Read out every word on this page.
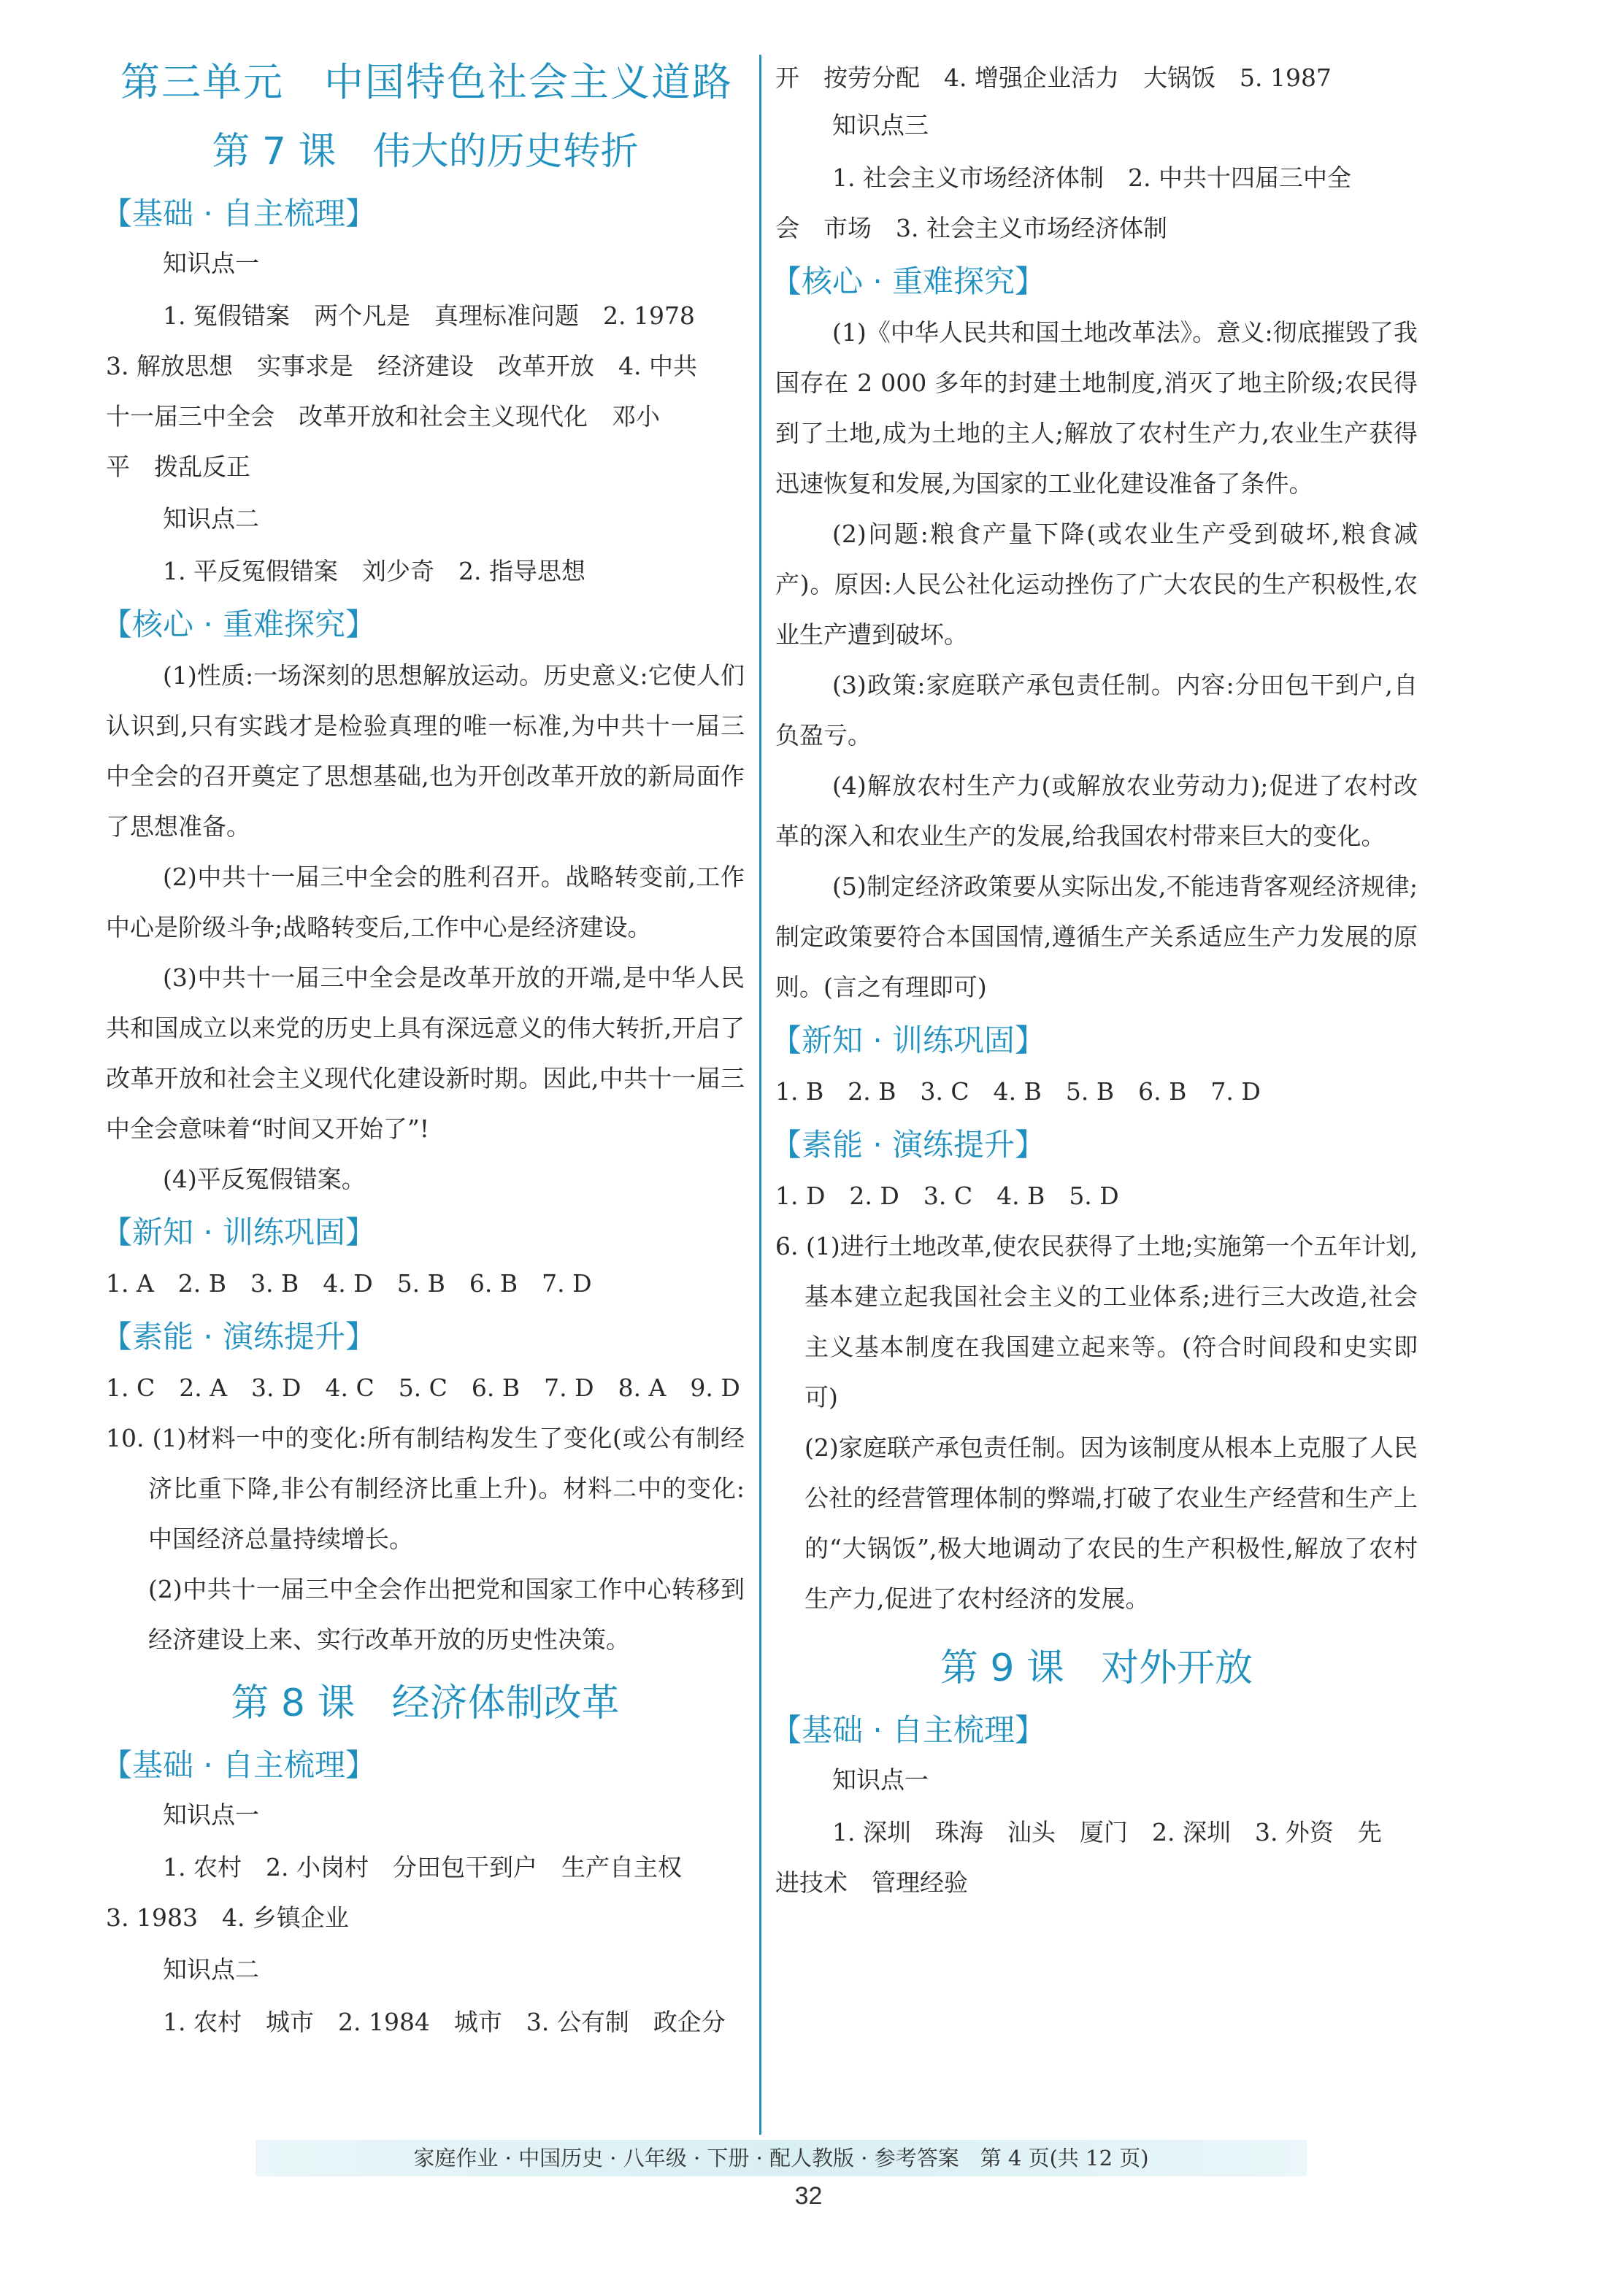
第三单元 中国特色社会主义道路
第 7 课 伟大的历史转折
【基础 · 自主梳理】
知识点一

1. 冤假错案　两个凡是　真理标准问题　2. 1978

3. 解放思想　实事求是　经济建设　改革开放　4. 中共

十一届三中全会　改革开放和社会主义现代化　邓小

平　拨乱反正

知识点二

1. 平反冤假错案　刘少奇　2. 指导思想

【核心 · 重难探究】

(1)性质:一场深刻的思想解放运动。历史意义:它使人们认识到,只有实践才是检验真理的唯一标准,为中共十一届三中全会的召开奠定了思想基础,也为开创改革开放的新局面作了思想准备。

(2)中共十一届三中全会的胜利召开。战略转变前,工作中心是阶级斗争;战略转变后,工作中心是经济建设。

(3)中共十一届三中全会是改革开放的开端,是中华人民共和国成立以来党的历史上具有深远意义的伟大转折,开启了改革开放和社会主义现代化建设新时期。因此,中共十一届三中全会意味着“时间又开始了”!

(4)平反冤假错案。

【新知 · 训练巩固】

1. A　2. B　3. B　4. D　5. B　6. B　7. D

【素能 · 演练提升】

1. C　2. A　3. D　4. C　5. C　6. B　7. D　8. A　9. D

10. (1)材料一中的变化:所有制结构发生了变化(或公有制经济比重下降,非公有制经济比重上升)。材料二中的变化:中国经济总量持续增长。

(2)中共十一届三中全会作出把党和国家工作中心转移到经济建设上来、实行改革开放的历史性决策。

第 8 课 经济体制改革
【基础 · 自主梳理】
知识点一

1. 农村　2. 小岗村　分田包干到户　生产自主权

3. 1983　4. 乡镇企业

知识点二

1. 农村　城市　2. 1984　城市　3. 公有制　政企分

开　按劳分配　4. 增强企业活力　大锅饭　5. 1987

知识点三

1. 社会主义市场经济体制　2. 中共十四届三中全

会　市场　3. 社会主义市场经济体制

【核心 · 重难探究】

(1)《中华人民共和国土地改革法》。意义:彻底摧毁了我国存在 2 000 多年的封建土地制度,消灭了地主阶级;农民得到了土地,成为土地的主人;解放了农村生产力,农业生产获得迅速恢复和发展,为国家的工业化建设准备了条件。

(2)问题:粮食产量下降(或农业生产受到破坏,粮食减产)。原因:人民公社化运动挫伤了广大农民的生产积极性,农业生产遭到破坏。

(3)政策:家庭联产承包责任制。内容:分田包干到户,自负盈亏。

(4)解放农村生产力(或解放农业劳动力);促进了农村改革的深入和农业生产的发展,给我国农村带来巨大的变化。

(5)制定经济政策要从实际出发,不能违背客观经济规律;制定政策要符合本国国情,遵循生产关系适应生产力发展的原则。(言之有理即可)

【新知 · 训练巩固】

1. B　2. B　3. C　4. B　5. B　6. B　7. D

【素能 · 演练提升】

1. D　2. D　3. C　4. B　5. D

6. (1)进行土地改革,使农民获得了土地;实施第一个五年计划,基本建立起我国社会主义的工业体系;进行三大改造,社会主义基本制度在我国建立起来等。(符合时间段和史实即可)

(2)家庭联产承包责任制。因为该制度从根本上克服了人民公社的经营管理体制的弊端,打破了农业生产经营和生产上的“大锅饭”,极大地调动了农民的生产积极性,解放了农村生产力,促进了农村经济的发展。

第 9 课 对外开放
【基础 · 自主梳理】
知识点一

1. 深圳　珠海　汕头　厦门　2. 深圳　3. 外资　先

进技术　管理经验

家庭作业 · 中国历史 · 八年级 · 下册 · 配人教版 · 参考答案　第 4 页(共 12 页)
32
